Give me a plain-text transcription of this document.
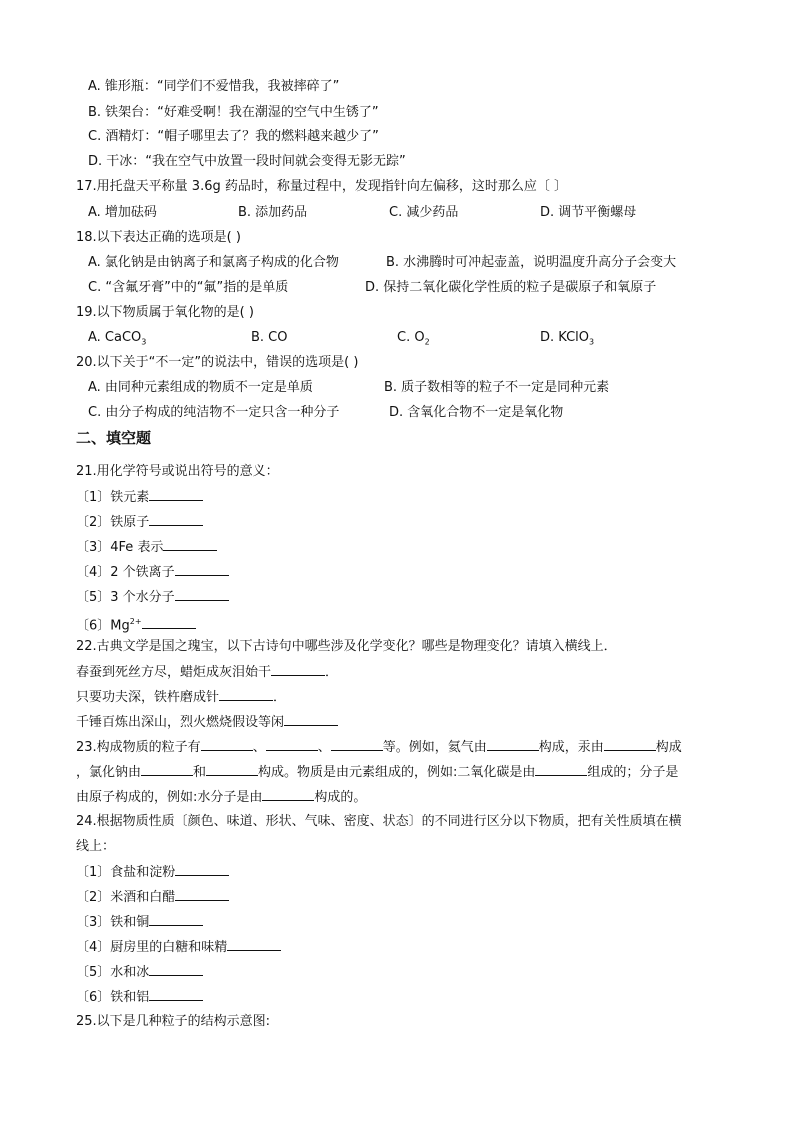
A. 锥形瓶：“同学们不爱惜我，我被摔碎了”
B. 铁架台：“好难受啊！我在潮湿的空气中生锈了”
C. 酒精灯：“帽子哪里去了？我的燃料越来越少了”
D. 干冰：“我在空气中放置一段时间就会变得无影无踪”
17.用托盘天平称量 3.6g 药品时，称量过程中，发现指针向左偏移，这时那么应〔 〕
A. 增加砝码	B. 添加药品	C. 减少药品	D. 调节平衡螺母
18.以下表达正确的选项是( )
A. 氯化钠是由钠离子和氯离子构成的化合物	B. 水沸腾时可冲起壶盖，说明温度升高分子会变大
C. “含氟牙膏”中的“氟”指的是单质	D. 保持二氧化碳化学性质的粒子是碳原子和氧原子
19.以下物质属于氧化物的是( )
A. CaCO$_3$	B. CO	C. $O_2$	D. KClO$_3$
20.以下关于“不一定”的说法中，错误的选项是( )
A. 由同种元素组成的物质不一定是单质	B. 质子数相等的粒子不一定是同种元素
C. 由分子构成的纯洁物不一定只含一种分子	D. 含氧化合物不一定是氧化物
二、填空题
21.用化学符号或说出符号的意义：
〔1〕铁元素
〔2〕铁原子
〔3〕4Fe 表示
〔4〕2 个铁离子
〔5〕3 个水分子
〔6〕$Mg^{2+}$
22.古典文学是国之瑰宝，以下古诗句中哪些涉及化学变化？哪些是物理变化？请填入横线上．
春蚕到死丝方尽，蜡炬成灰泪始干	．
只要功夫深，铁杵磨成针	．
千锤百炼出深山，烈火燃烧假设等闲
23.构成物质的粒子有	、	、	等。例如，氦气由	构成，汞由	构成
，氯化钠由	和	构成。物质是由元素组成的，例如:二氧化碳是由	组成的；分子是
由原子构成的，例如:水分子是由	构成的。
24.根据物质性质〔颜色、味道、形状、气味、密度、状态〕的不同进行区分以下物质，把有关性质填在横
线上：
〔1〕食盐和淀粉
〔2〕米酒和白醋
〔3〕铁和铜
〔4〕厨房里的白糖和味精
〔5〕水和冰
〔6〕铁和铝
25.以下是几种粒子的结构示意图:
